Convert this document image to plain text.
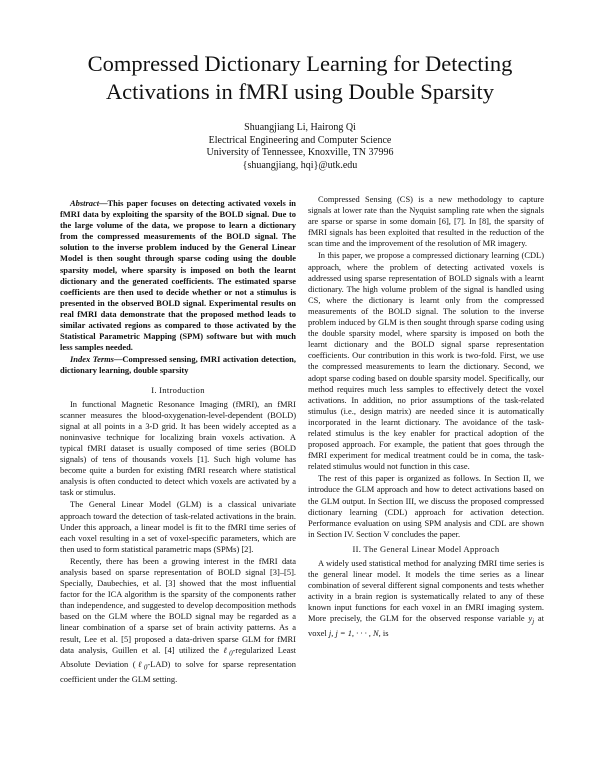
Compressed Dictionary Learning for Detecting
Activations in fMRI using Double Sparsity
Shuangjiang Li, Hairong Qi
Electrical Engineering and Computer Science
University of Tennessee, Knoxville, TN 37996
{shuangjiang, hqi}@utk.edu

Abstract—This paper focuses on detecting activated voxels in fMRI data by exploiting the sparsity of the BOLD signal. Due to the large volume of the data, we propose to learn a dictionary from the compressed measurements of the BOLD signal. The solution to the inverse problem induced by the General Linear Model is then sought through sparse coding using the double sparsity model, where sparsity is imposed on both the learnt dictionary and the generated coefficients. The estimated sparse coefficients are then used to decide whether or not a stimulus is presented in the observed BOLD signal. Experimental results on real fMRI data demonstrate that the proposed method leads to similar activated regions as compared to those activated by the Statistical Parametric Mapping (SPM) software but with much less samples needed.

Index Terms—Compressed sensing, fMRI activation detection, dictionary learning, double sparsity

I. Introduction

In functional Magnetic Resonance Imaging (fMRI), an fMRI scanner measures the blood-oxygenation-level-dependent (BOLD) signal at all points in a 3-D grid. It has been widely accepted as a noninvasive technique for localizing brain voxels activation. A typical fMRI dataset is usually composed of time series (BOLD signals) of tens of thousands voxels [1]. Such high volume has become quite a burden for existing fMRI research where statistical analysis is often conducted to detect which voxels are activated by a task or stimulus.

The General Linear Model (GLM) is a classical univariate approach toward the detection of task-related activations in the brain. Under this approach, a linear model is fit to the fMRI time series of each voxel resulting in a set of voxel-specific parameters, which are then used to form statistical parametric maps (SPMs) [2].

Recently, there has been a growing interest in the fMRI data analysis based on sparse representation of BOLD signal [3]–[5]. Specially, Daubechies, et al. [3] showed that the most influential factor for the ICA algorithm is the sparsity of the components rather than independence, and suggested to develop decomposition methods based on the GLM where the BOLD signal may be regarded as a linear combination of a sparse set of brain activity patterns. As a result, Lee et al. [5] proposed a data-driven sparse GLM for fMRI data analysis, Guillen et al. [4] utilized the ℓ$_0$-regularized Least Absolute Deviation (ℓ$_0$-LAD) to solve for sparse representation coefficient under the GLM setting.

Compressed Sensing (CS) is a new methodology to capture signals at lower rate than the Nyquist sampling rate when the signals are sparse or sparse in some domain [6], [7]. In [8], the sparsity of fMRI signals has been exploited that resulted in the reduction of the scan time and the improvement of the resolution of MR imagery.

In this paper, we propose a compressed dictionary learning (CDL) approach, where the problem of detecting activated voxels is addressed using sparse representation of BOLD signals with a learnt dictionary. The high volume problem of the signal is handled using CS, where the dictionary is learnt only from the compressed measurements of the BOLD signal. The solution to the inverse problem induced by GLM is then sought through sparse coding using the double sparsity model, where sparsity is imposed on both the learnt dictionary and the BOLD signal sparse representation coefficients. Our contribution in this work is two-fold. First, we use the compressed measurements to learn the dictionary. Second, we adopt sparse coding based on double sparsity model. Specifically, our method requires much less samples to effectively detect the voxel activations. In addition, no prior assumptions of the task-related stimulus (i.e., design matrix) are needed since it is automatically incorporated in the learnt dictionary. The avoidance of the task-related stimulus is the key enabler for practical adoption of the proposed approach. For example, the patient that goes through the fMRI experiment for medical treatment could be in coma, the task-related stimulus would not function in this case.

The rest of this paper is organized as follows. In Section II, we introduce the GLM approach and how to detect activations based on the GLM output. In Section III, we discuss the proposed compressed dictionary learning (CDL) approach for activation detection. Performance evaluation on using SPM analysis and CDL are shown in Section IV. Section V concludes the paper.

II. The General Linear Model Approach

A widely used statistical method for analyzing fMRI time series is the general linear model. It models the time series as a linear combination of several different signal components and tests whether activity in a brain region is systematically related to any of these known input functions for each voxel in an fMRI imaging system. More precisely, the GLM for the observed response variable $y_j$ at voxel j, j = 1, · · · , N, is
